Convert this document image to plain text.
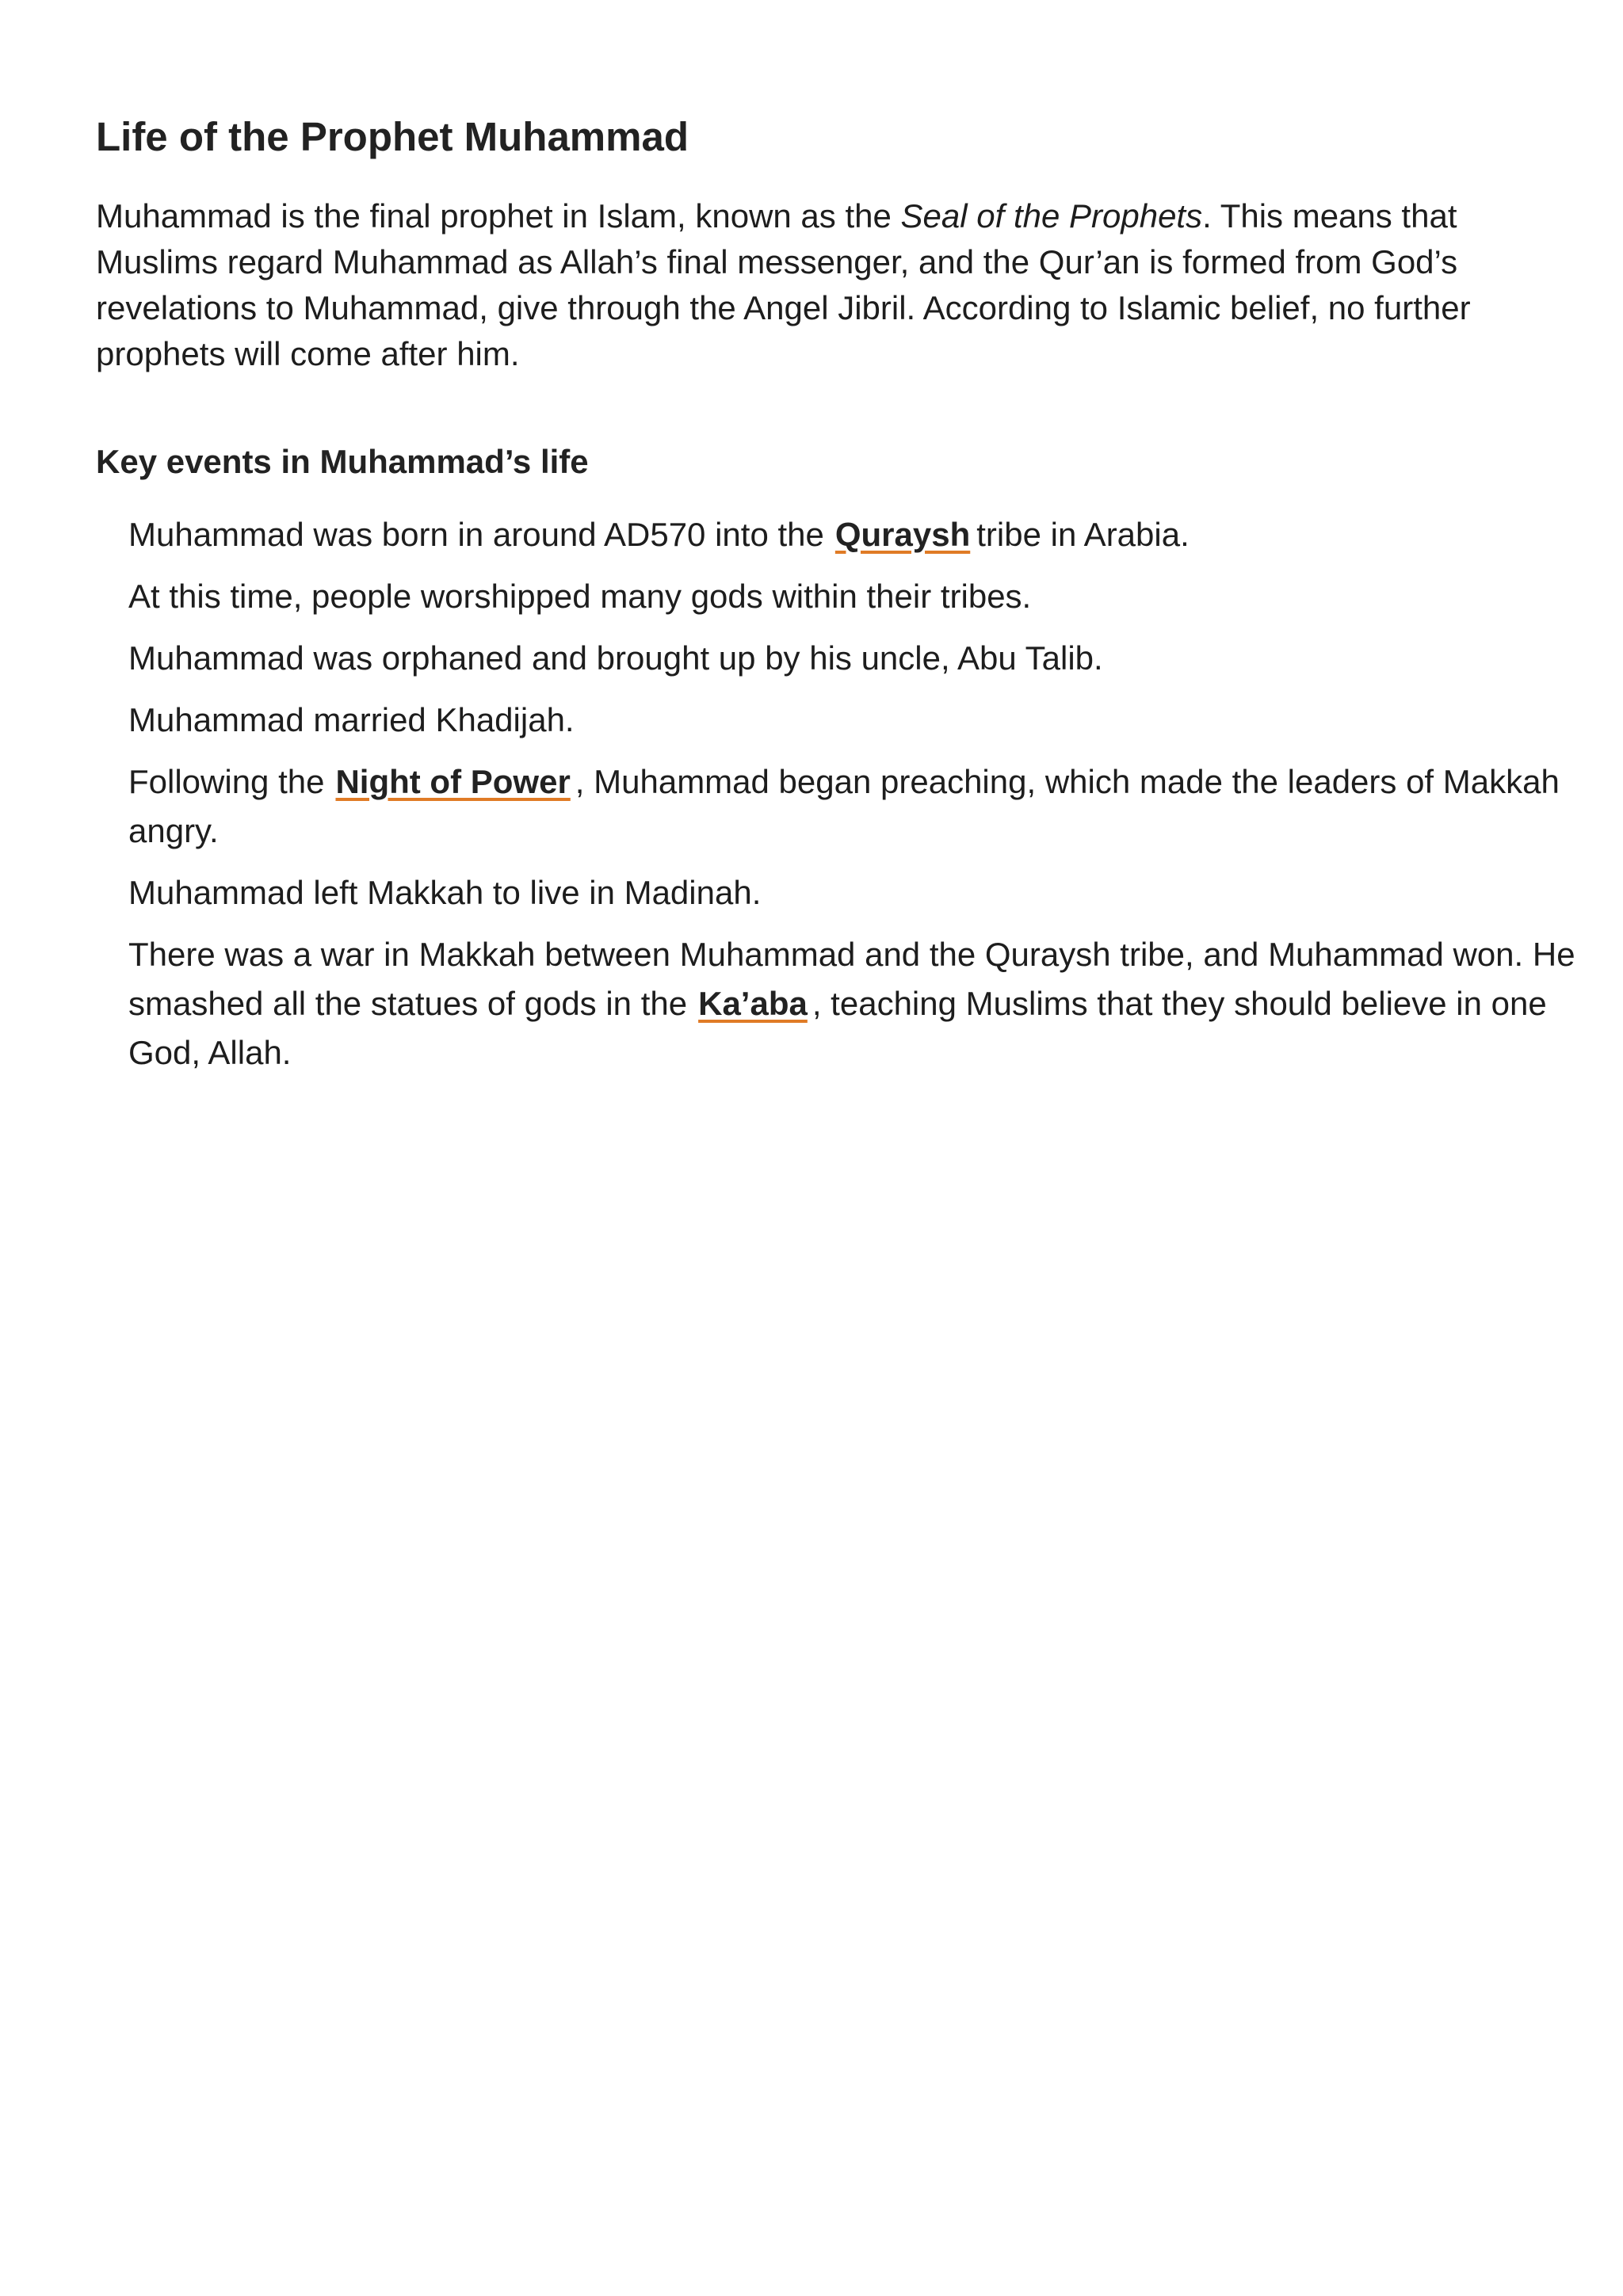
Life of the Prophet Muhammad

Muhammad is the final prophet in Islam, known as the Seal of the Prophets. This means that Muslims regard Muhammad as Allah’s final messenger, and the Qur’an is formed from God’s revelations to Muhammad, give through the Angel Jibril. According to Islamic belief, no further prophets will come after him.

Key events in Muhammad’s life
Muhammad was born in around AD570 into the Quraysh tribe in Arabia.
At this time, people worshipped many gods within their tribes.
Muhammad was orphaned and brought up by his uncle, Abu Talib.
Muhammad married Khadijah.
Following the Night of Power , Muhammad began preaching, which made the leaders of Makkah angry.
Muhammad left Makkah to live in Madinah.
There was a war in Makkah between Muhammad and the Quraysh tribe, and Muhammad won. He smashed all the statues of gods in the Ka’aba , teaching Muslims that they should believe in one God, Allah.
